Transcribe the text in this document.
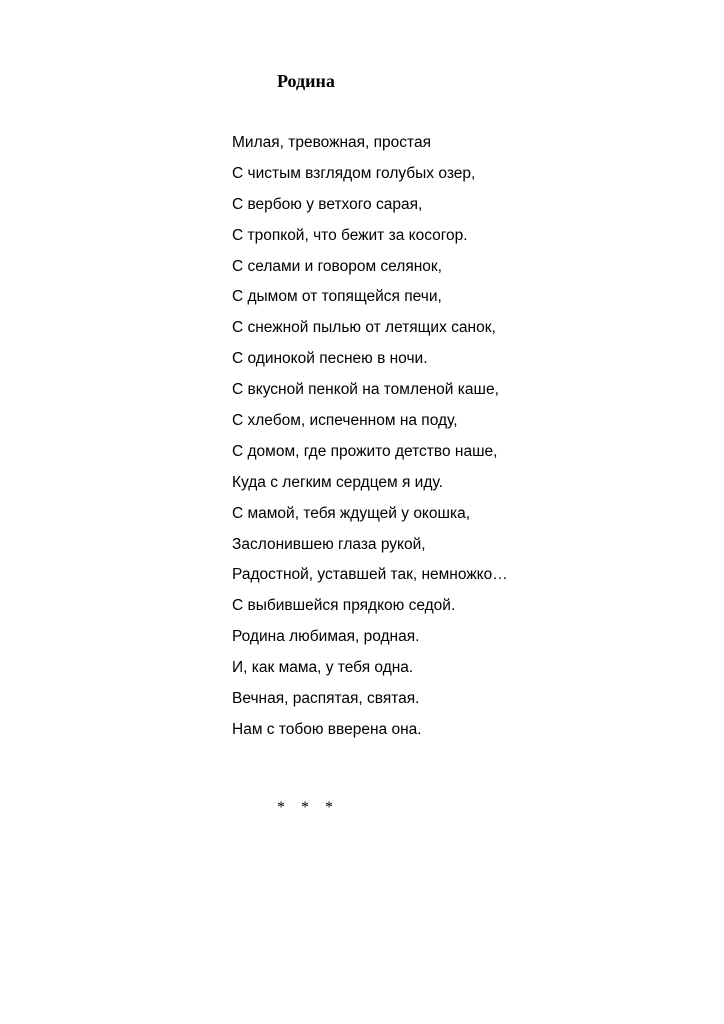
Родина
Милая, тревожная, простая
С чистым взглядом голубых озер,
С вербою у ветхого сарая,
С тропкой, что бежит за косогор.
С селами и говором селянок,
С дымом от топящейся печи,
С снежной пылью от летящих санок,
С одинокой песнею в ночи.
С вкусной пенкой на томленой каше,
С хлебом, испеченном на поду,
С домом, где прожито детство наше,
Куда с легким сердцем я иду.
С мамой, тебя ждущей у окошка,
Заслонившею глаза рукой,
Радостной, уставшей так, немножко…
С выбившейся прядкою седой.
Родина любимая, родная.
И, как мама, у тебя одна.
Вечная, распятая, святая.
Нам с тобою вверена она.
*    *    *
